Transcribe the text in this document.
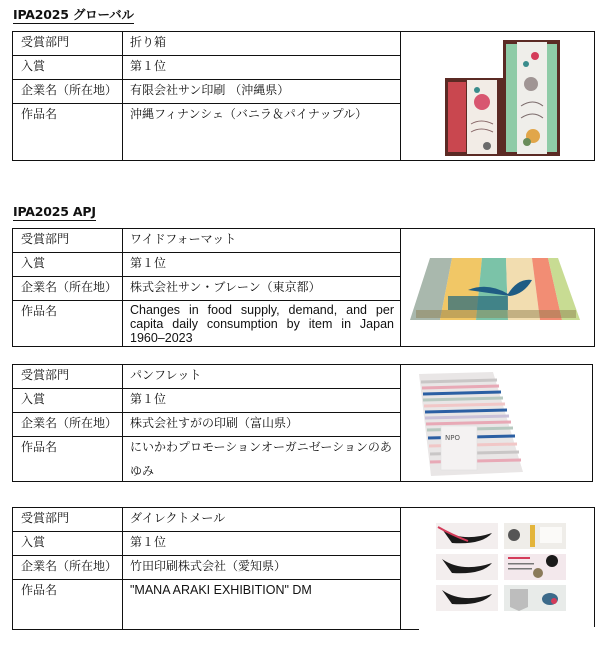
IPA2025 グローバル
受賞部門	折り箱
入賞	第１位
企業名（所在地） 有限会社サン印刷 （沖縄県）
作品名	沖縄フィナンシェ（バニラ＆パイナップル）
IPA2025 APJ
受賞部門	ワイドフォーマット
入賞	第１位
企業名（所在地） 株式会社サン・ブレーン（東京都）
作品名	Changes in food supply, demand, and per capita daily consumption by item in Japan 1960–2023
受賞部門	パンフレット
入賞	第１位
企業名（所在地） 株式会社すがの印刷（富山県）
作品名	にいかわプロモーションオーガニゼーションのあゆみ
NPO
受賞部門	ダイレクトメール
入賞	第１位
企業名（所在地） 竹田印刷株式会社（愛知県）
作品名	"MANA ARAKI EXHIBITION" DM
